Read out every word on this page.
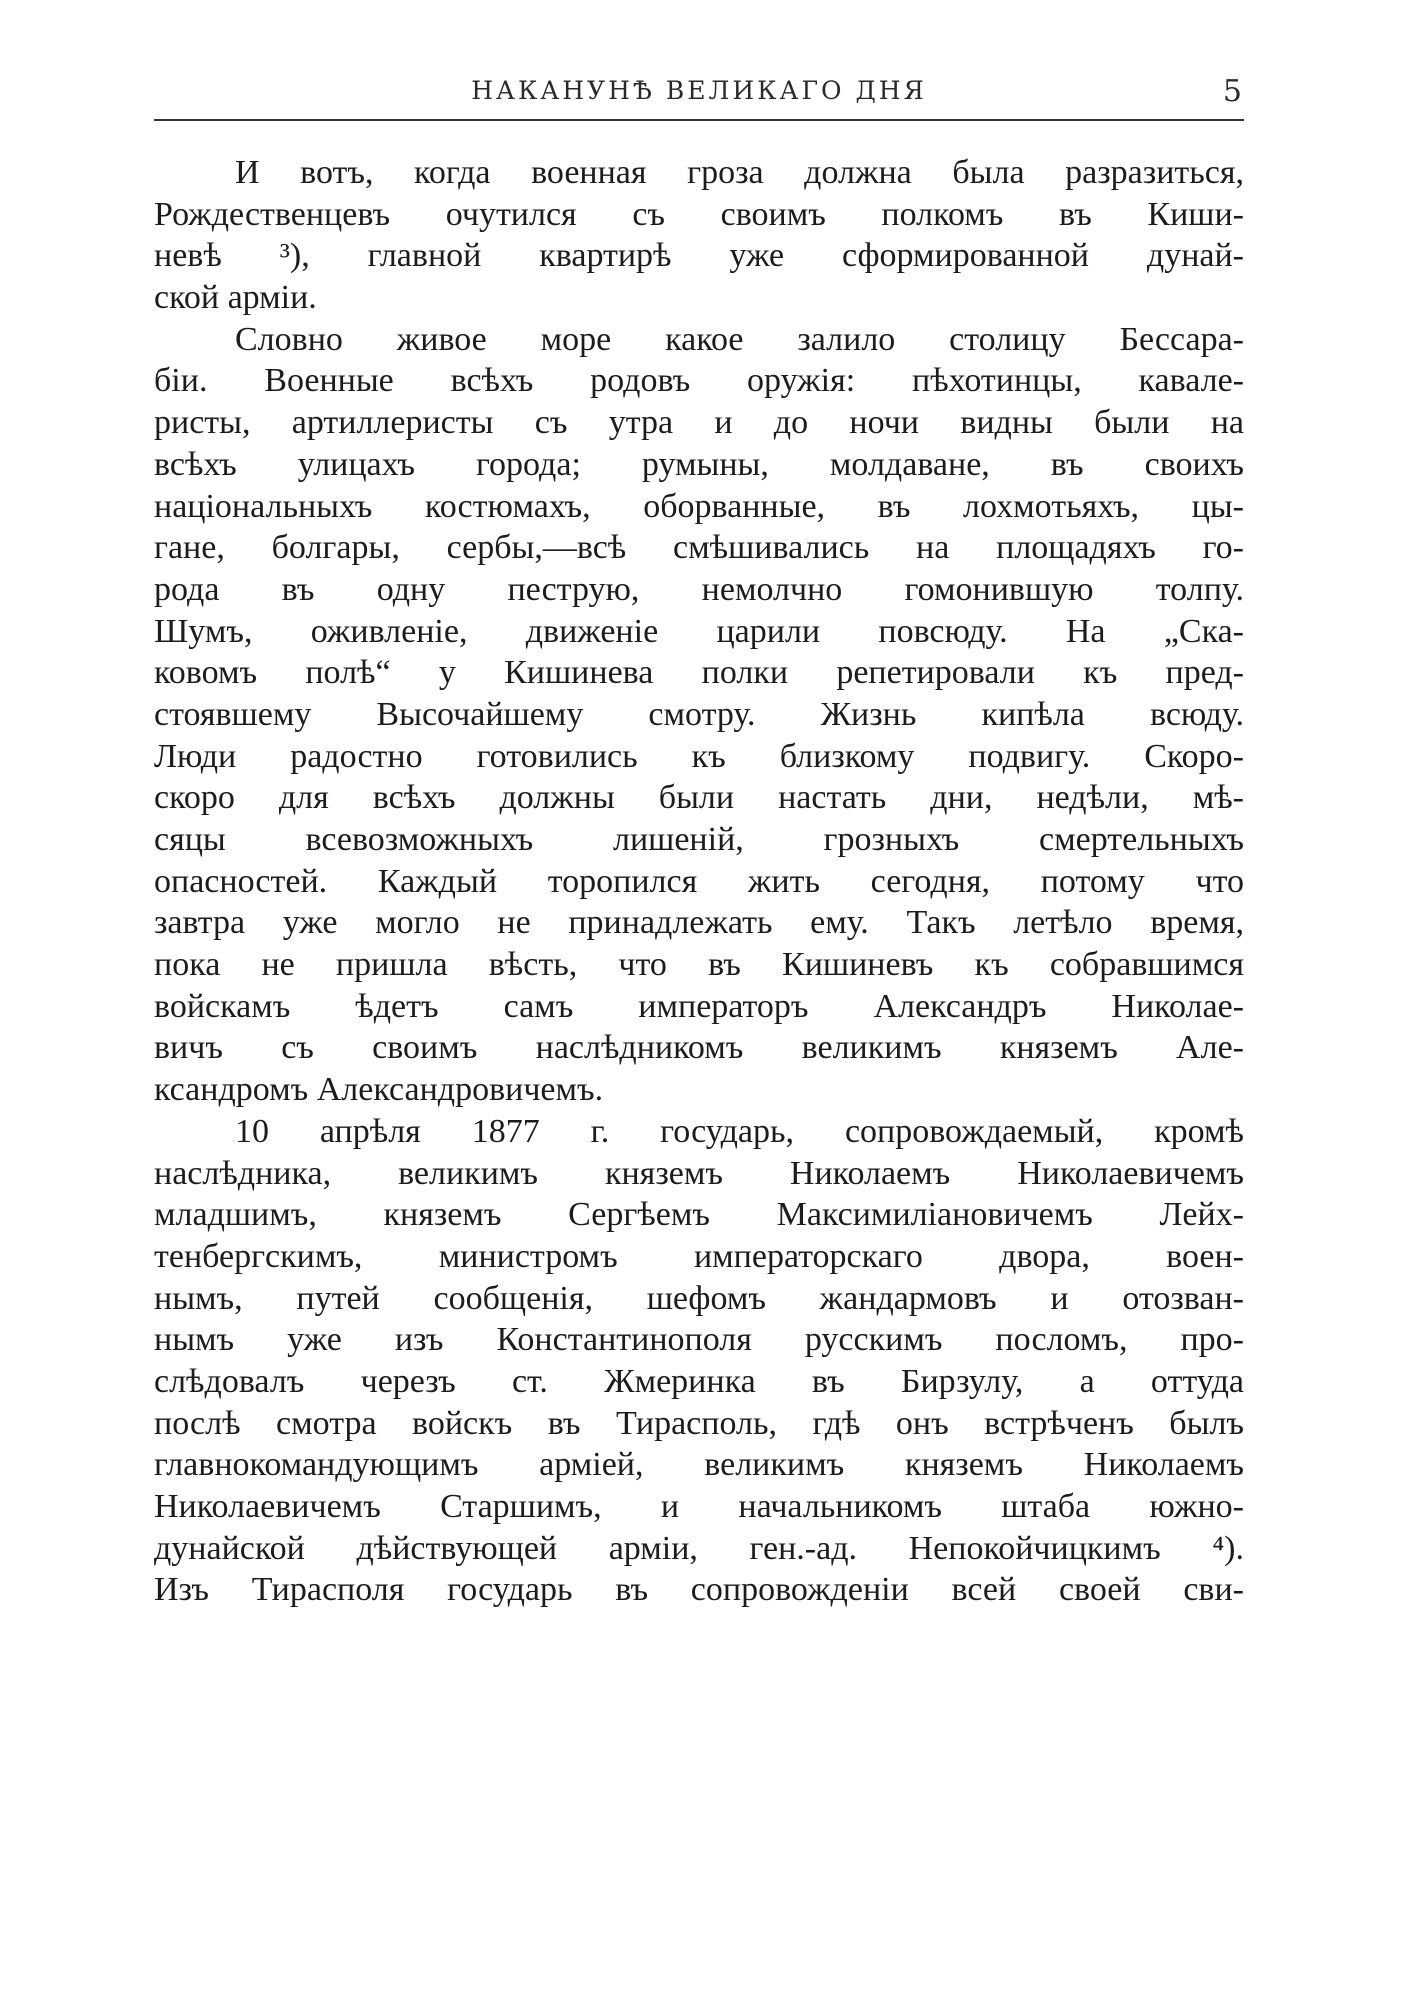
НАКАНУНѢ ВЕЛИКАГО ДНЯ	5
И вотъ, когда военная гроза должна была разразиться,
Рождественцевъ очутился съ своимъ полкомъ въ Киши-
невѣ ³), главной квартирѣ уже сформированной дунай-
ской арміи.
Словно живое море какое залило столицу Бессара-
біи. Военные всѣхъ родовъ оружія: пѣхотинцы, кавале-
ристы, артиллеристы съ утра и до ночи видны были на
всѣхъ улицахъ города; румыны, молдаване, въ своихъ
національныхъ костюмахъ, оборванные, въ лохмотьяхъ, цы-
гане, болгары, сербы,—всѣ смѣшивались на площадяхъ го-
рода въ одну пеструю, немолчно гомонившую толпу.
Шумъ, оживленіе, движеніе царили повсюду. На „Ска-
ковомъ полѣ“ у Кишинева полки репетировали къ пред-
стоявшему Высочайшему смотру. Жизнь кипѣла всюду.
Люди радостно готовились къ близкому подвигу. Скоро-
скоро для всѣхъ должны были настать дни, недѣли, мѣ-
сяцы всевозможныхъ лишеній, грозныхъ смертельныхъ
опасностей. Каждый торопился жить сегодня, потому что
завтра уже могло не принадлежать ему. Такъ летѣло время,
пока не пришла вѣсть, что въ Кишиневъ къ собравшимся
войскамъ ѣдетъ самъ императоръ Александръ Николае-
вичъ съ своимъ наслѣдникомъ великимъ княземъ Але-
ксандромъ Александровичемъ.
10 апрѣля 1877 г. государь, сопровождаемый, кромѣ
наслѣдника, великимъ княземъ Николаемъ Николаевичемъ
младшимъ, княземъ Сергѣемъ Максимиліановичемъ Лейх-
тенбергскимъ, министромъ императорскаго двора, воен-
нымъ, путей сообщенія, шефомъ жандармовъ и отозван-
нымъ уже изъ Константинополя русскимъ посломъ, про-
слѣдовалъ черезъ ст. Жмеринка въ Бирзулу, а оттуда
послѣ смотра войскъ въ Тирасполь, гдѣ онъ встрѣченъ былъ
главнокомандующимъ арміей, великимъ княземъ Николаемъ
Николаевичемъ Старшимъ, и начальникомъ штаба южно-
дунайской дѣйствующей арміи, ген.-ад. Непокойчицкимъ ⁴).
Изъ Тирасполя государь въ сопровожденіи всей своей сви-
